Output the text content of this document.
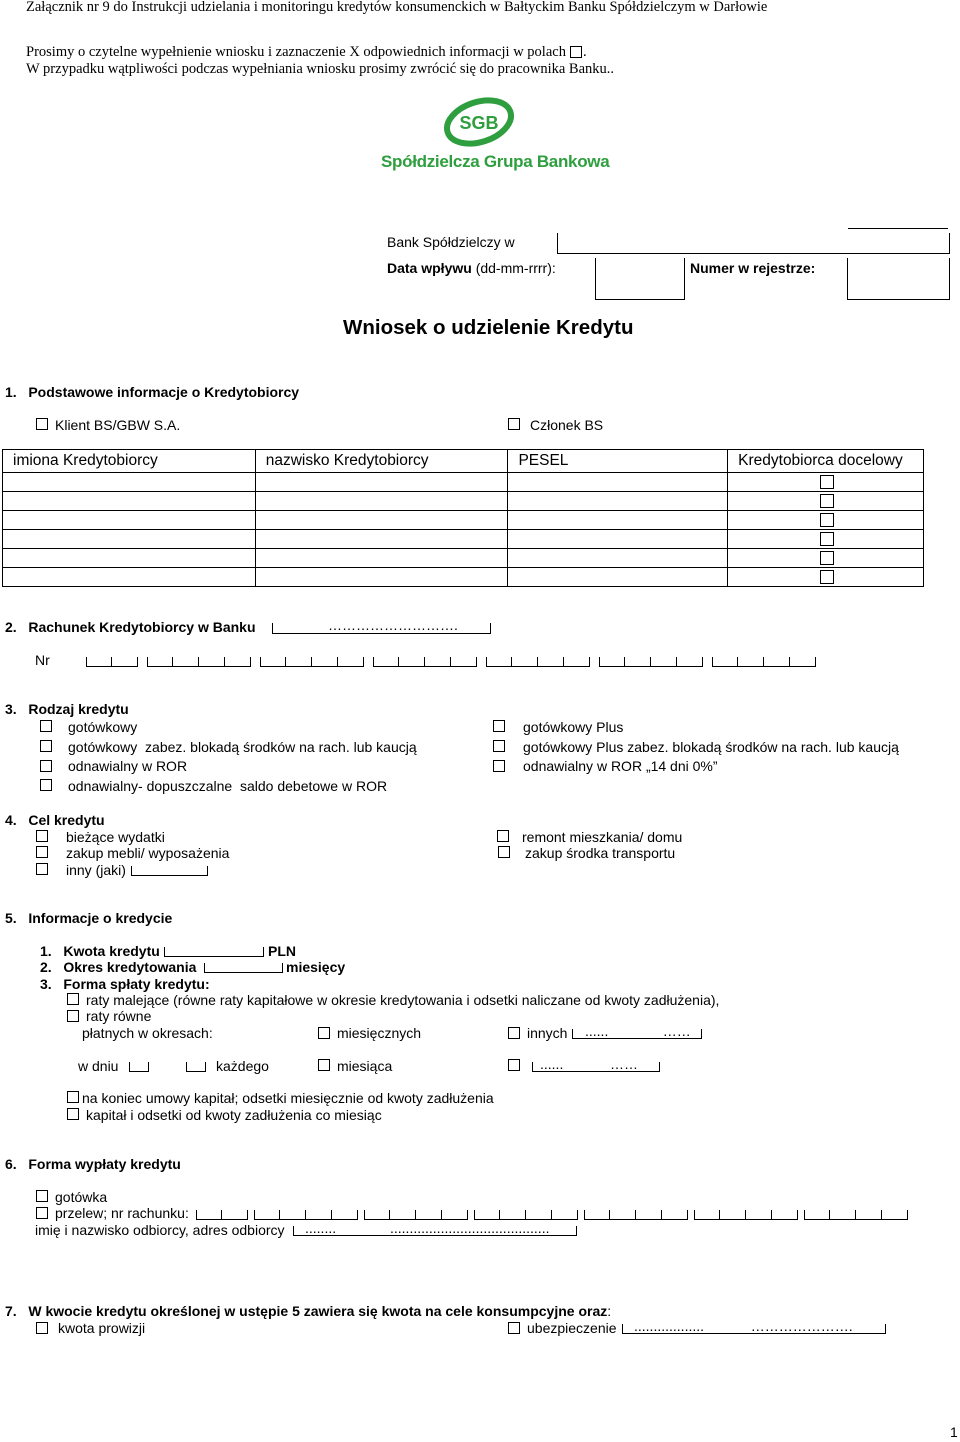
Załącznik nr 9 do Instrukcji udzielania i monitoringu kredytów konsumenckich w Bałtyckim Banku Spółdzielczym w Darłowie
Prosimy o czytelne wypełnienie wniosku i zaznaczenie X odpowiednich informacji w polach .
W przypadku wątpliwości podczas wypełniania wniosku prosimy zwrócić się do pracownika Banku..
SGB
Spółdzielcza Grupa Bankowa
Bank Spółdzielczy w
Data wpływu (dd-mm-rrrr):	Numer w rejestrze:
Wniosek o udzielenie Kredytu
1.   Podstawowe informacje o Kredytobiorcy
Klient BS/GBW S.A.	Członek BS
imiona Kredytobiorcy	nazwisko Kredytobiorcy	PESEL	Kredytobiorca docelowy

2.   Rachunek Kredytobiorcy w Banku	……………………….
Nr
3.   Rodzaj kredytu
gotówkowy
gotówkowy  zabez. blokadą środków na rach. lub kaucją
odnawialny w ROR
odnawialny- dopuszczalne  saldo debetowe w ROR
gotówkowy Plus
gotówkowy Plus zabez. blokadą środków na rach. lub kaucją
odnawialny w ROR „14 dni 0%”
4.   Cel kredytu
bieżące wydatki
zakup mebli/ wyposażenia
inny (jaki)
remont mieszkania/ domu
zakup środka transportu
5.   Informacje o kredycie
1.   Kwota kredytu	PLN
2.   Okres kredytowania	miesięcy
3.   Forma spłaty kredytu:
raty malejące (równe raty kapitałowe w okresie kredytowania i odsetki naliczane od kwoty zadłużenia),
raty równe
płatnych w okresach:	miesięcznych	innych ......              ……
w dniu	każdego	miesiąca	......            ……
na koniec umowy kapitał; odsetki miesięcznie od kwoty zadłużenia
kapitał i odsetki od kwoty zadłużenia co miesiąc
6.   Forma wypłaty kredytu
gotówka
przelew; nr rachunku:
imię i nazwisko odbiorcy, adres odbiorcy ........	.........................................
7.   W kwocie kredytu określonej w ustępie 5 zawiera się kwota na cele konsumpcyjne oraz:
kwota prowizji	ubezpieczenie ..................            ………………….
1
